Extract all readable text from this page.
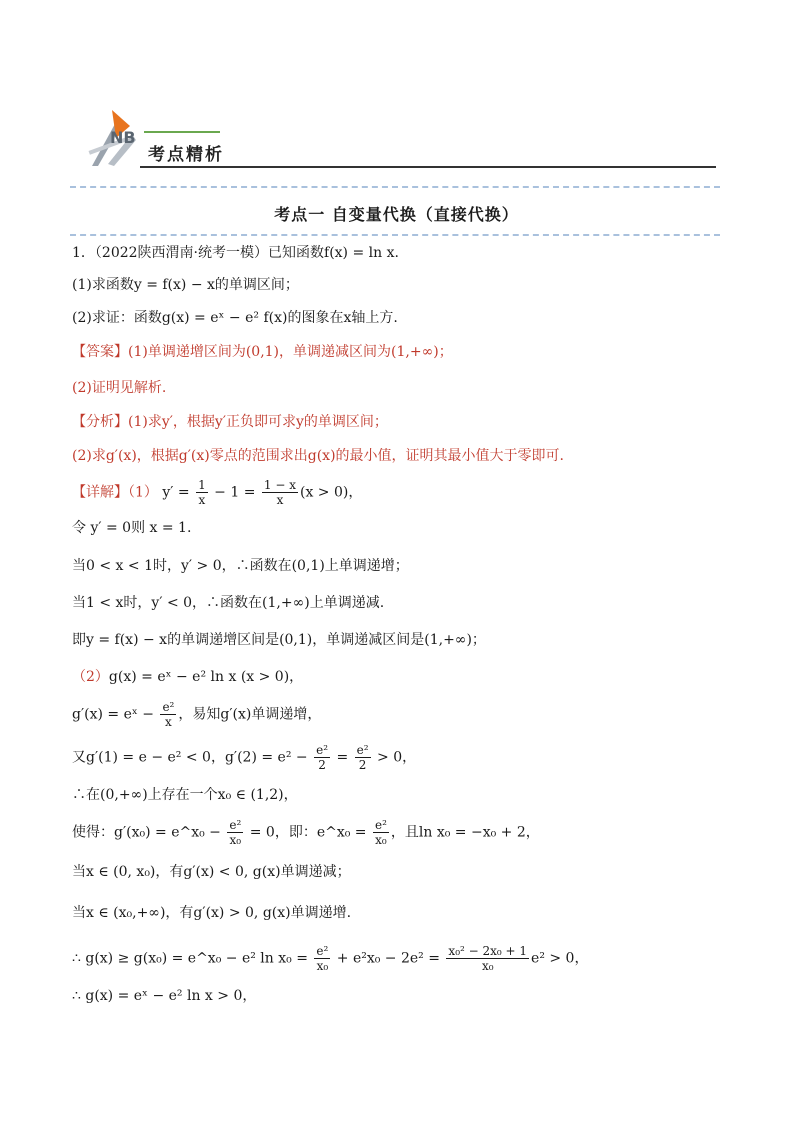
NB
考点精析
考点一 自变量代换（直接代换）
1．（2022陕西渭南·统考一模）已知函数f(x) = ln x.
(1)求函数y = f(x) − x的单调区间；
(2)求证：函数g(x) = eˣ − e² f(x)的图象在x轴上方.
【答案】(1)单调递增区间为(0,1)，单调递减区间为(1,+∞)；
(2)证明见解析.
【分析】(1)求y′，根据y′正负即可求y的单调区间；
(2)求g′(x)，根据g′(x)零点的范围求出g(x)的最小值，证明其最小值大于零即可.
【详解】（1） $y' = \frac{1}{x} - 1 = \frac{1 - x}{x} (x > 0)$，
令 y′ = 0则 x = 1.
当0 < x < 1时，y′ > 0，∴函数在(0,1)上单调递增；
当1 < x时，y′ < 0，∴函数在(1,+∞)上单调递减.
即y = f(x) − x的单调递增区间是(0,1)，单调递减区间是(1,+∞)；
（2）g(x) = eˣ − e² ln x (x > 0)，
g′(x) = eˣ − $\frac{\text{e²}}{x}$ ，易知g′(x)单调递增，
又g′(1) = e − e² < 0，$g'(2) = e^2 - \frac{\text{e²}}{2} = \frac{\text{e²}}{2} > 0$，
∴在(0,+∞)上存在一个x₀ ∈ (1,2)，
使得：g′(x₀) = e^x₀ − $\frac{\text{e²}}{\text{x₀}} = 0$，即：e^x₀ = $\frac{\text{e²}}{\text{x₀}}$ ，且ln x₀ = −x₀ + 2，
当x ∈ (0, x₀)，有g′(x) < 0, g(x)单调递减；
当x ∈ (x₀,+∞)，有g′(x) > 0, g(x)单调递增.
∴ g(x) ≥ g(x₀) = e^x₀ − e² $\ln x_0 = \frac{\text{e²}}{\text{x₀}} + e^2x_0 - 2e^2 = \frac{\text{x₀² − 2x₀ + 1}}{\text{x₀}} e^2 > 0$，
∴ g(x) = eˣ − e² ln x > 0，
